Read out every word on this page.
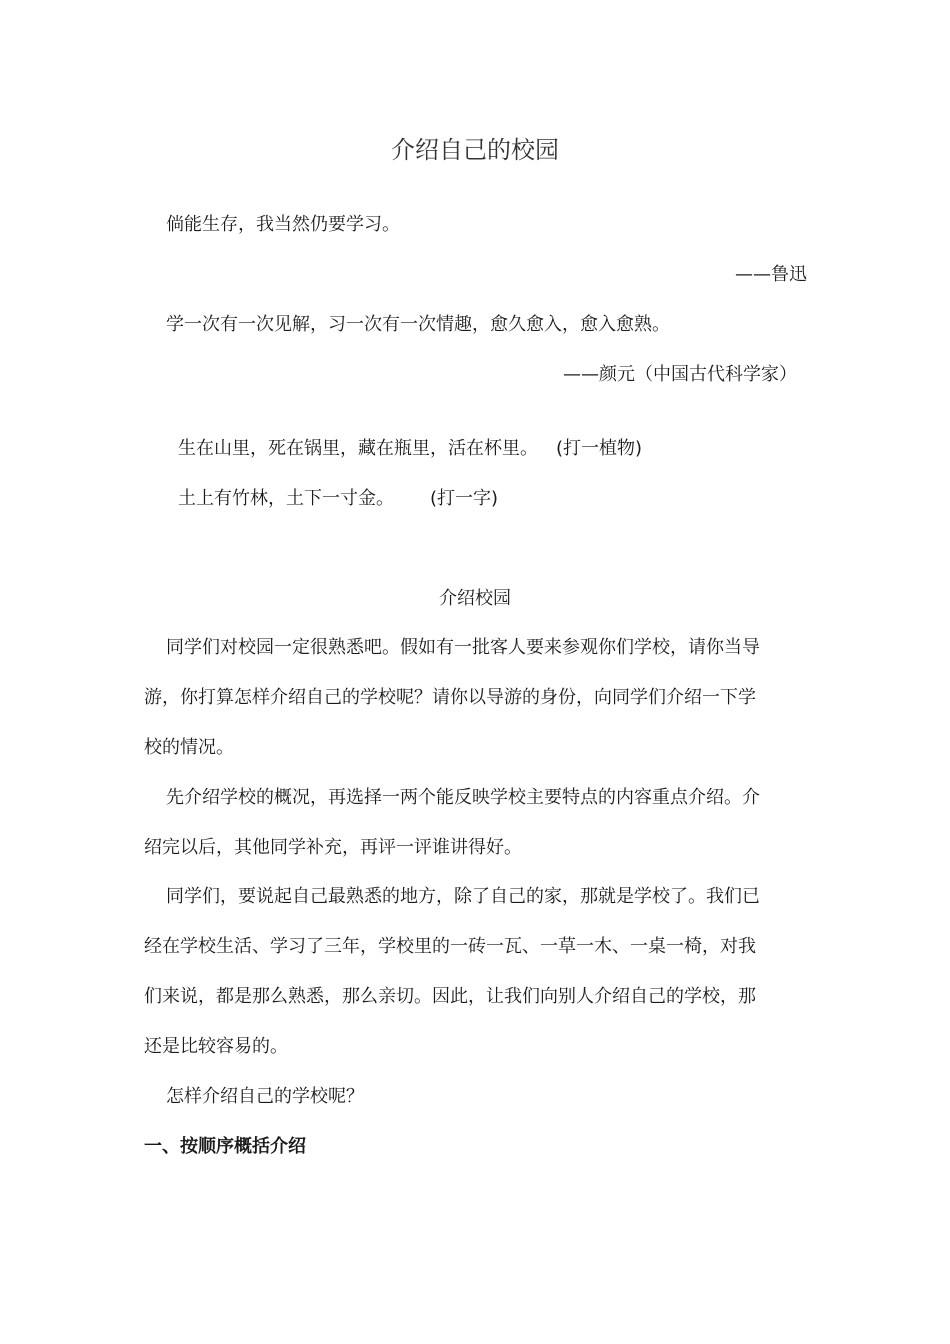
介绍自己的校园
倘能生存，我当然仍要学习。
——鲁迅
学一次有一次见解，习一次有一次情趣，愈久愈入，愈入愈熟。
——颜元（中国古代科学家）
生在山里，死在锅里，藏在瓶里，活在杯里。 (打一植物)
土上有竹林，土下一寸金。 (打一字)
介绍校园
同学们对校园一定很熟悉吧。假如有一批客人要来参观你们学校，请你当导
游，你打算怎样介绍自己的学校呢？请你以导游的身份，向同学们介绍一下学
校的情况。
先介绍学校的概况，再选择一两个能反映学校主要特点的内容重点介绍。介
绍完以后，其他同学补充，再评一评谁讲得好。
同学们，要说起自己最熟悉的地方，除了自己的家，那就是学校了。我们已
经在学校生活、学习了三年，学校里的一砖一瓦、一草一木、一桌一椅，对我
们来说，都是那么熟悉，那么亲切。因此，让我们向别人介绍自己的学校，那
还是比较容易的。
怎样介绍自己的学校呢？
一、按顺序概括介绍
